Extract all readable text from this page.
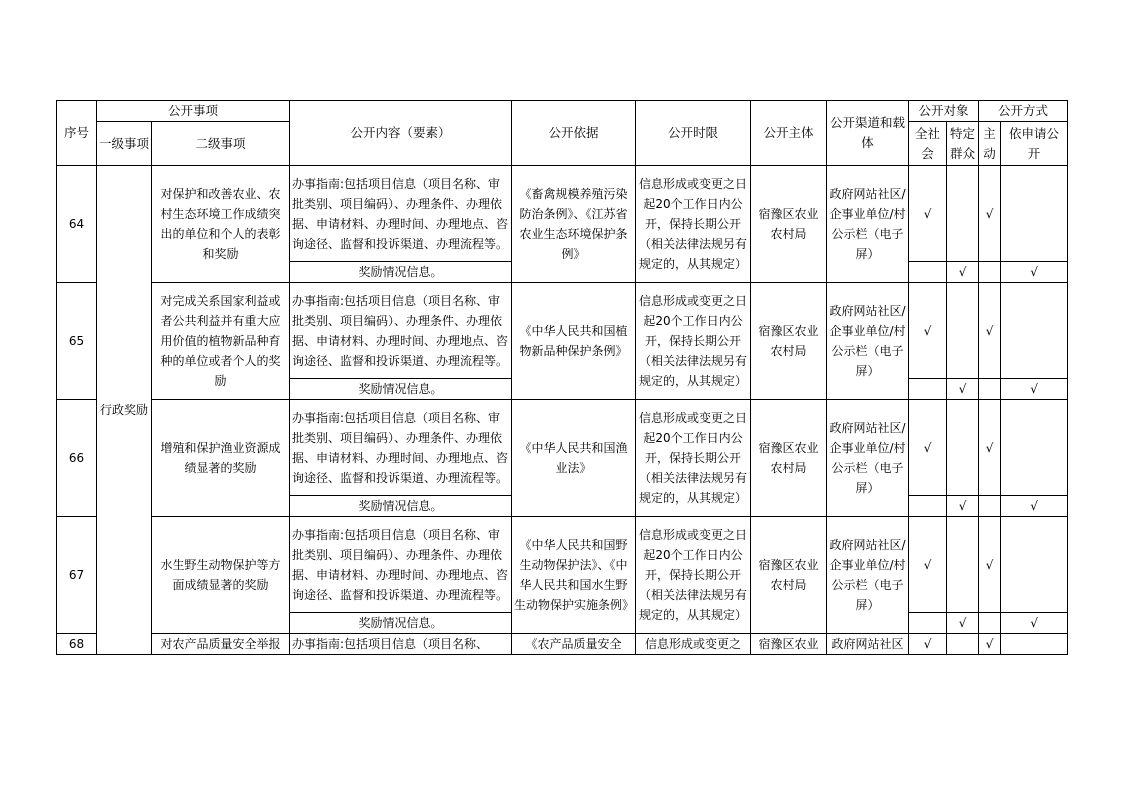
序号	公开事项		公开内容（要素）	公开依据	公开时限	公开主体	公开渠道和载体	公开对象		公开方式	
	一级事项	二级事项						全社会	特定群众	主动	依申请公开
64	行政奖励	对保护和改善农业、农村生态环境工作成绩突出的单位和个人的表彰和奖励	办事指南:包括项目信息（项目名称、审批类别、项目编码）、办理条件、办理依据、申请材料、办理时间、办理地点、咨询途径、监督和投诉渠道、办理流程等。	《畜禽规模养殖污染防治条例》、《江苏省农业生态环境保护条例》	信息形成或变更之日起20个工作日内公开，保持长期公开（相关法律法规另有规定的，从其规定）	宿豫区农业农村局	政府网站社区/企事业单位/村公示栏（电子屏）	√		√	
			奖励情况信息。						√		√
65		对完成关系国家利益或者公共利益并有重大应用价值的植物新品种育种的单位或者个人的奖励	办事指南:包括项目信息（项目名称、审批类别、项目编码）、办理条件、办理依据、申请材料、办理时间、办理地点、咨询途径、监督和投诉渠道、办理流程等。	《中华人民共和国植物新品种保护条例》	信息形成或变更之日起20个工作日内公开，保持长期公开（相关法律法规另有规定的，从其规定）	宿豫区农业农村局	政府网站社区/企事业单位/村公示栏（电子屏）	√		√	
			奖励情况信息。						√		√
66		增殖和保护渔业资源成绩显著的奖励	办事指南:包括项目信息（项目名称、审批类别、项目编码）、办理条件、办理依据、申请材料、办理时间、办理地点、咨询途径、监督和投诉渠道、办理流程等。	《中华人民共和国渔业法》	信息形成或变更之日起20个工作日内公开，保持长期公开（相关法律法规另有规定的，从其规定）	宿豫区农业农村局	政府网站社区/企事业单位/村公示栏（电子屏）	√		√	
			奖励情况信息。						√		√
67		水生野生动物保护等方面成绩显著的奖励	办事指南:包括项目信息（项目名称、审批类别、项目编码）、办理条件、办理依据、申请材料、办理时间、办理地点、咨询途径、监督和投诉渠道、办理流程等。	《中华人民共和国野生动物保护法》、《中华人民共和国水生野生动物保护实施条例》	信息形成或变更之日起20个工作日内公开，保持长期公开（相关法律法规另有规定的，从其规定）	宿豫区农业农村局	政府网站社区/企事业单位/村公示栏（电子屏）	√		√	
			奖励情况信息。						√		√
68		对农产品质量安全举报	办事指南:包括项目信息（项目名称、	《农产品质量安全	信息形成或变更之	宿豫区农业	政府网站社区	√		√	
